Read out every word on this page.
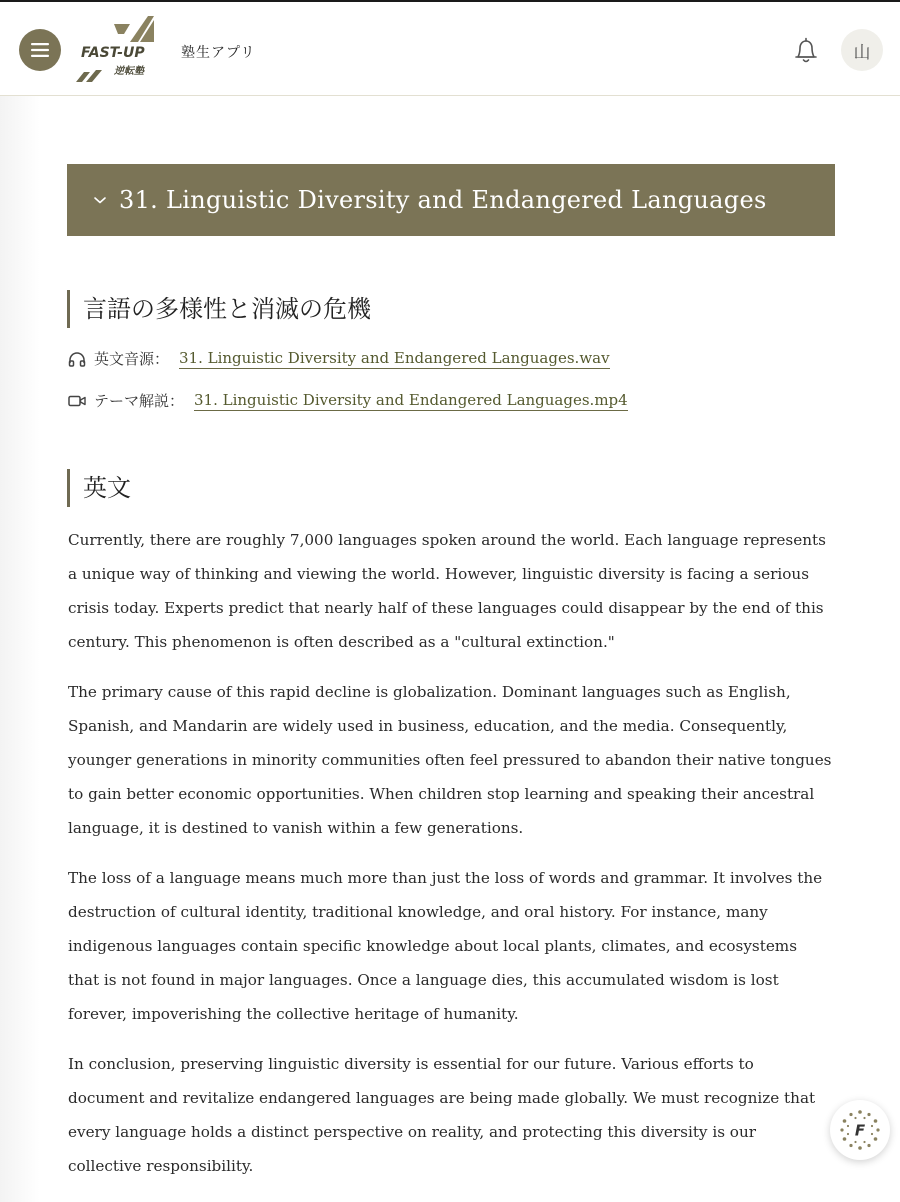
FAST-UP
逆転塾
塾生アプリ	山
31. Linguistic Diversity and Endangered Languages
言語の多様性と消滅の危機
英文音源： 31. Linguistic Diversity and Endangered Languages.wav
テーマ解説： 31. Linguistic Diversity and Endangered Languages.mp4
英文

Currently, there are roughly 7,000 languages spoken around the world. Each language represents a unique way of thinking and viewing the world. However, linguistic diversity is facing a serious crisis today. Experts predict that nearly half of these languages could disappear by the end of this century. This phenomenon is often described as a "cultural extinction."

The primary cause of this rapid decline is globalization. Dominant languages such as English, Spanish, and Mandarin are widely used in business, education, and the media. Consequently, younger generations in minority communities often feel pressured to abandon their native tongues to gain better economic opportunities. When children stop learning and speaking their ancestral language, it is destined to vanish within a few generations.

The loss of a language means much more than just the loss of words and grammar. It involves the destruction of cultural identity, traditional knowledge, and oral history. For instance, many indigenous languages contain specific knowledge about local plants, climates, and ecosystems that is not found in major languages. Once a language dies, this accumulated wisdom is lost forever, impoverishing the collective heritage of humanity.

In conclusion, preserving linguistic diversity is essential for our future. Various efforts to document and revitalize endangered languages are being made globally. We must recognize that every language holds a distinct perspective on reality, and protecting this diversity is our collective responsibility.

F
